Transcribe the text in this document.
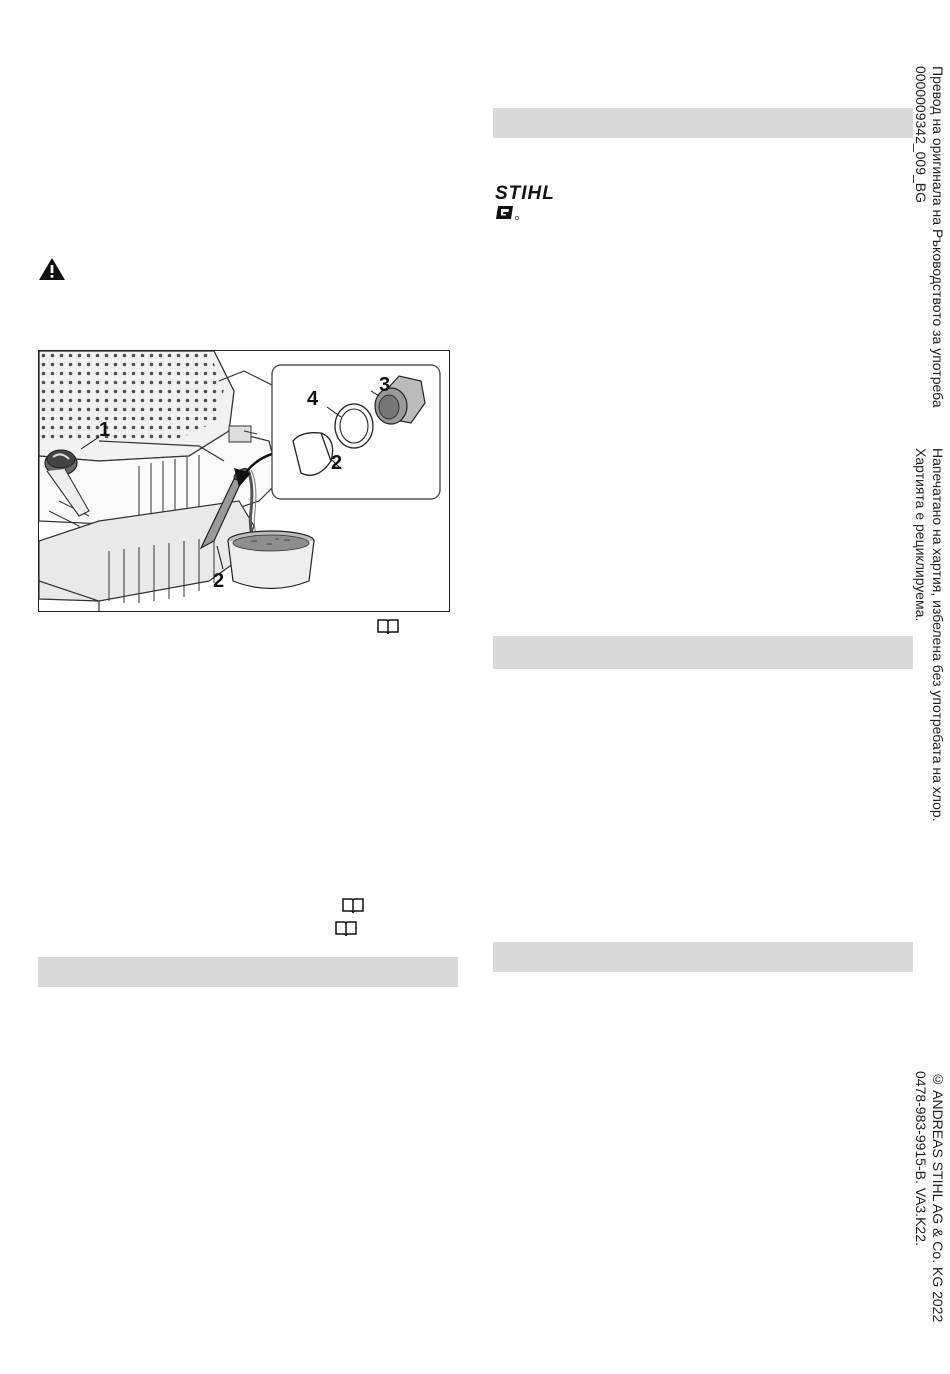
STIHL
1
2
2
3
4	Превод на оригинала на Ръководството за употреба
0000009342_009_BG
Напечатано на хартия, избелена без употребата на хлор.
Хартията е рециклируема.
© ANDREAS STIHL AG & Co. KG 2022
0478-983-9915-B. VA3.K22.
